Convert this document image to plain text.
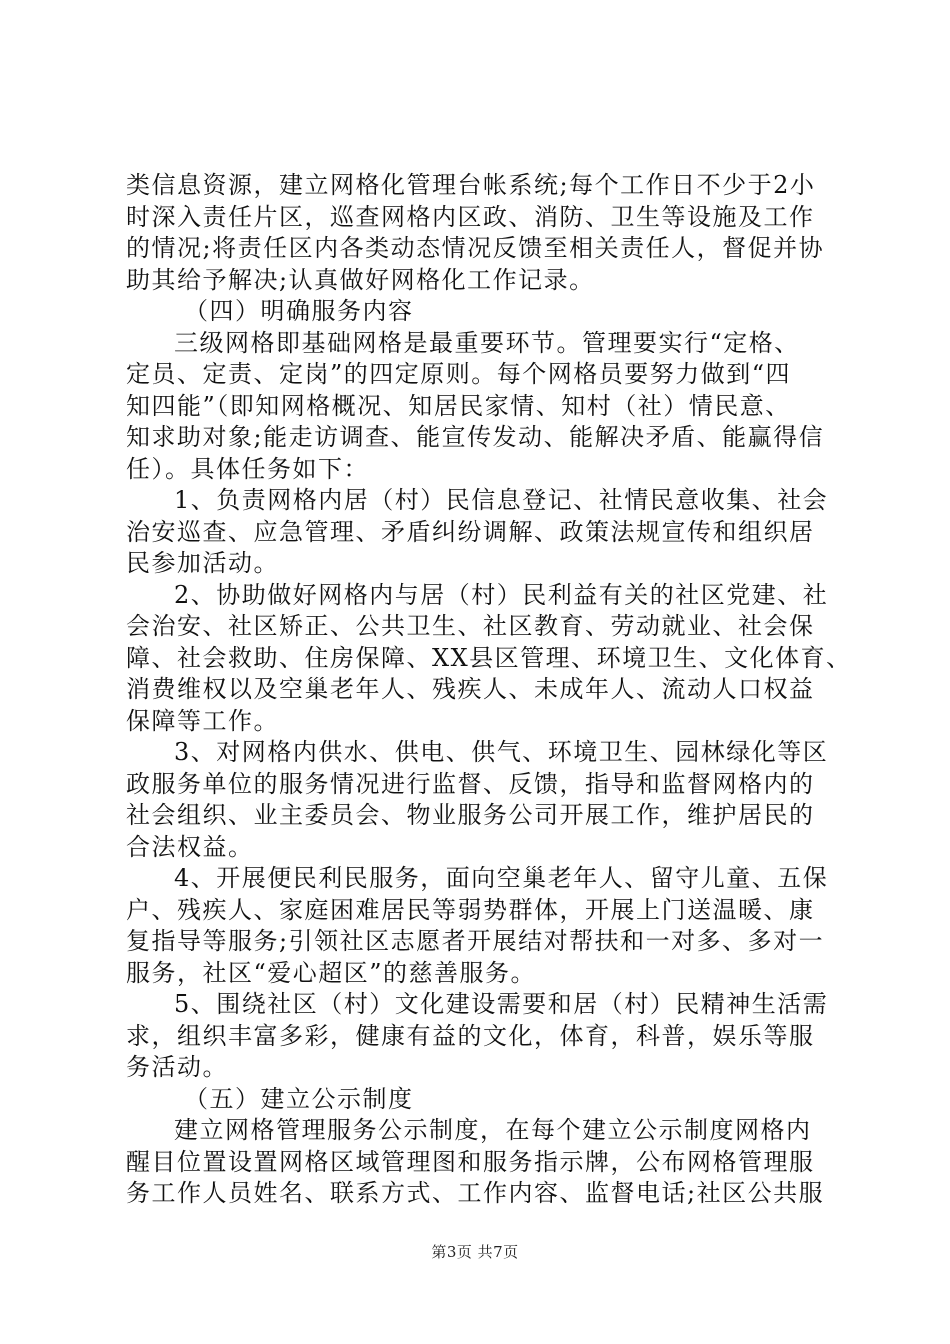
类信息资源，建立网格化管理台帐系统;每个工作日不少于2小
时深入责任片区，巡查网格内区政、消防、卫生等设施及工作
的情况;将责任区内各类动态情况反馈至相关责任人，督促并协
助其给予解决;认真做好网格化工作记录。
（四）明确服务内容
三级网格即基础网格是最重要环节。管理要实行“定格、
定员、定责、定岗”的四定原则。每个网格员要努力做到“四
知四能”（即知网格概况、知居民家情、知村（社）情民意、
知求助对象;能走访调查、能宣传发动、能解决矛盾、能赢得信
任）。具体任务如下：
1、负责网格内居（村）民信息登记、社情民意收集、社会
治安巡查、应急管理、矛盾纠纷调解、政策法规宣传和组织居
民参加活动。
2、协助做好网格内与居（村）民利益有关的社区党建、社
会治安、社区矫正、公共卫生、社区教育、劳动就业、社会保
障、社会救助、住房保障、XX县区管理、环境卫生、文化体育、
消费维权以及空巢老年人、残疾人、未成年人、流动人口权益
保障等工作。
3、对网格内供水、供电、供气、环境卫生、园林绿化等区
政服务单位的服务情况进行监督、反馈，指导和监督网格内的
社会组织、业主委员会、物业服务公司开展工作，维护居民的
合法权益。
4、开展便民利民服务，面向空巢老年人、留守儿童、五保
户、残疾人、家庭困难居民等弱势群体，开展上门送温暖、康
复指导等服务;引领社区志愿者开展结对帮扶和一对多、多对一
服务，社区“爱心超区”的慈善服务。
5、围绕社区（村）文化建设需要和居（村）民精神生活需
求，组织丰富多彩，健康有益的文化，体育，科普，娱乐等服
务活动。
（五）建立公示制度
建立网格管理服务公示制度，在每个建立公示制度网格内
醒目位置设置网格区域管理图和服务指示牌，公布网格管理服
务工作人员姓名、联系方式、工作内容、监督电话;社区公共服
第3页 共7页
